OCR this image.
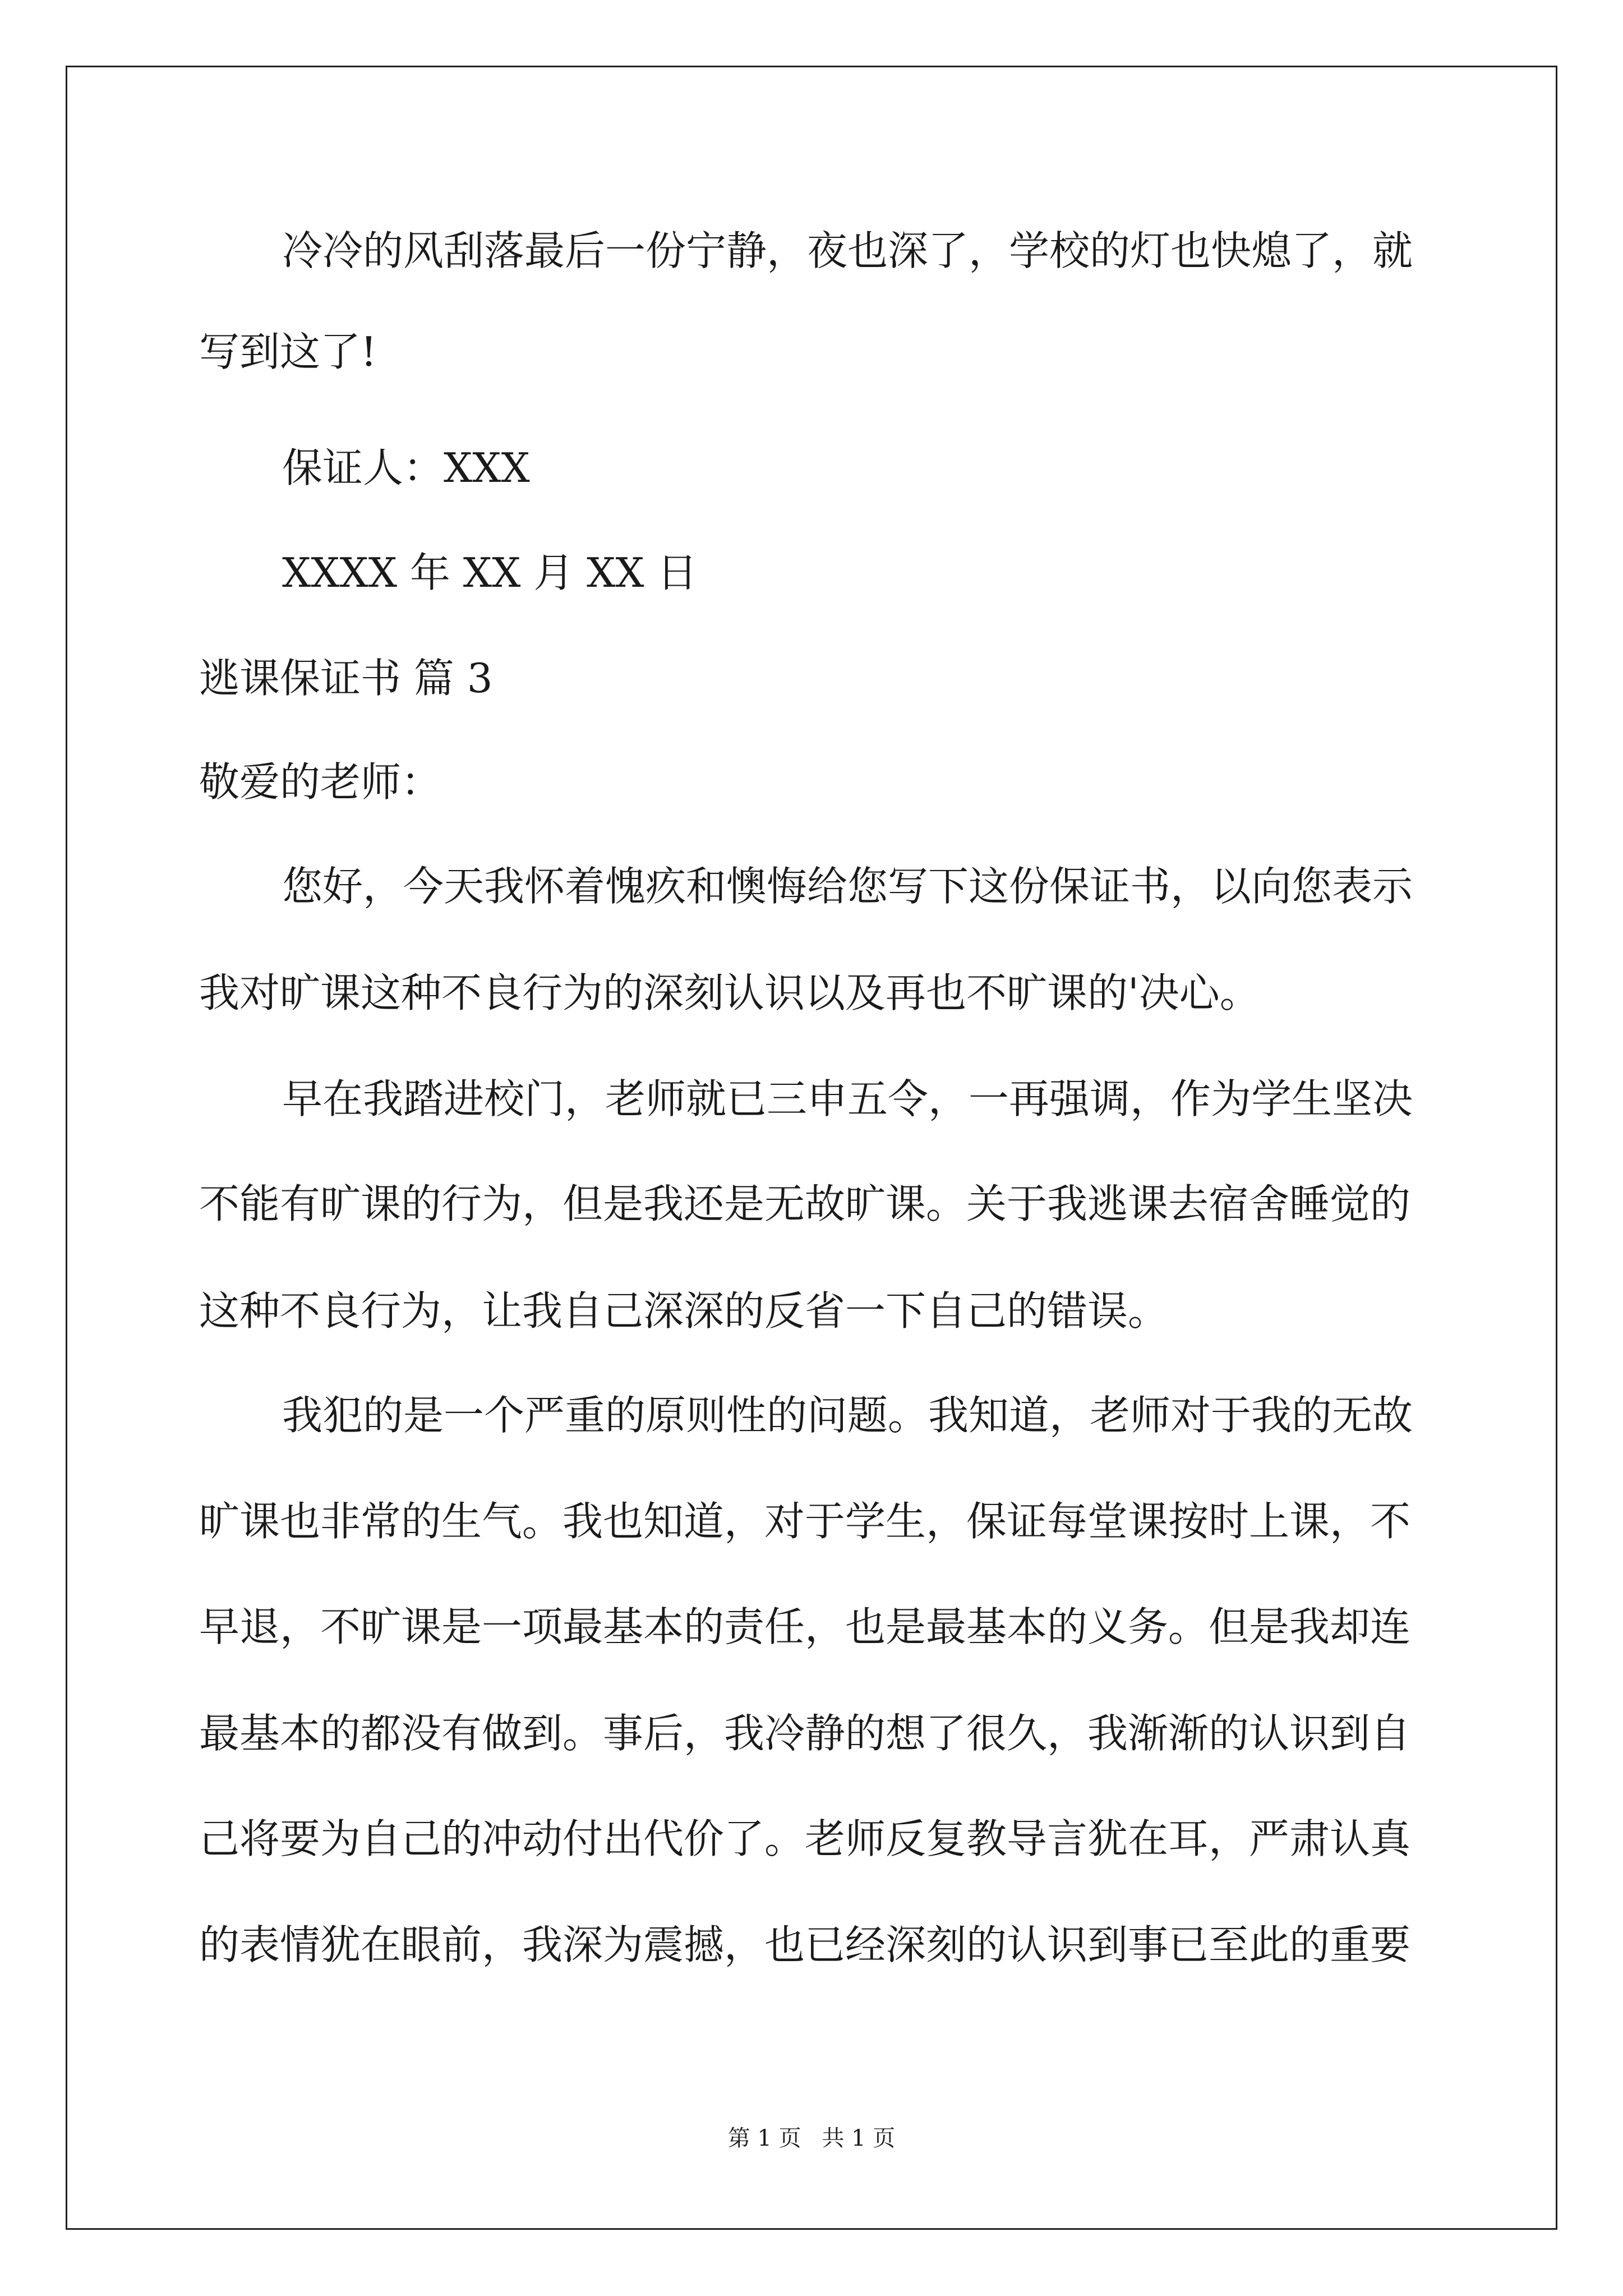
冷冷的风刮落最后一份宁静，夜也深了，学校的灯也快熄了，就
写到这了!
保证人：XXX
XXXX 年 XX 月 XX 日
逃课保证书 篇 3
敬爱的老师：
您好，今天我怀着愧疚和懊悔给您写下这份保证书，以向您表示
我对旷课这种不良行为的深刻认识以及再也不旷课的'决心。
早在我踏进校门，老师就已三申五令，一再强调，作为学生坚决
不能有旷课的行为，但是我还是无故旷课。关于我逃课去宿舍睡觉的
这种不良行为，让我自己深深的反省一下自己的错误。
我犯的是一个严重的原则性的问题。我知道，老师对于我的无故
旷课也非常的生气。我也知道，对于学生，保证每堂课按时上课，不
早退，不旷课是一项最基本的责任，也是最基本的义务。但是我却连
最基本的都没有做到。事后，我冷静的想了很久，我渐渐的认识到自
己将要为自己的冲动付出代价了。老师反复教导言犹在耳，严肃认真
的表情犹在眼前，我深为震撼，也已经深刻的认识到事已至此的重要
第 1 页 共 1 页
